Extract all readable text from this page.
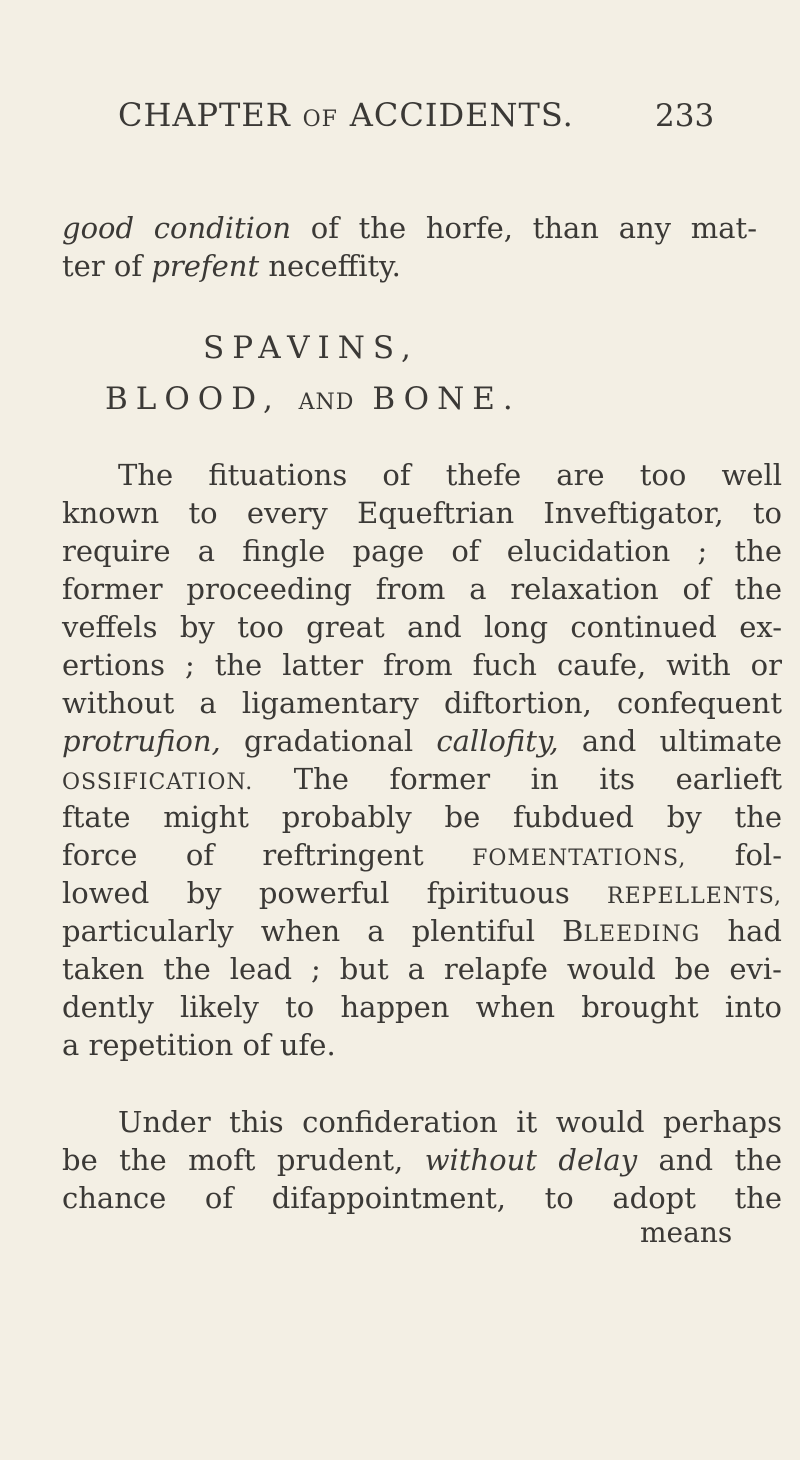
CHAPTER OF ACCIDENTS.	233
good condition of the horfe, than any mat-
ter of prefent neceffity.
SPAVINS,
BLOOD, AND BONE.
The fituations of thefe are too well
known to every Equeftrian Inveftigator, to
require a fingle page of elucidation ; the
former proceeding from a relaxation of the
veffels by too great and long continued ex-
ertions ; the latter from fuch caufe, with or
without a ligamentary diftortion, confequent
protrufion, gradational callofity, and ultimate
OSSIFICATION. The former in its earlieft
ftate might probably be fubdued by the
force of reftringent FOMENTATIONS, fol-
lowed by powerful fpirituous REPELLENTS,
particularly when a plentiful BLEEDING had
taken the lead ; but a relapfe would be evi-
dently likely to happen when brought into
a repetition of ufe.
Under this confideration it would perhaps
be the moft prudent, without delay and the
chance of difappointment, to adopt the
means
